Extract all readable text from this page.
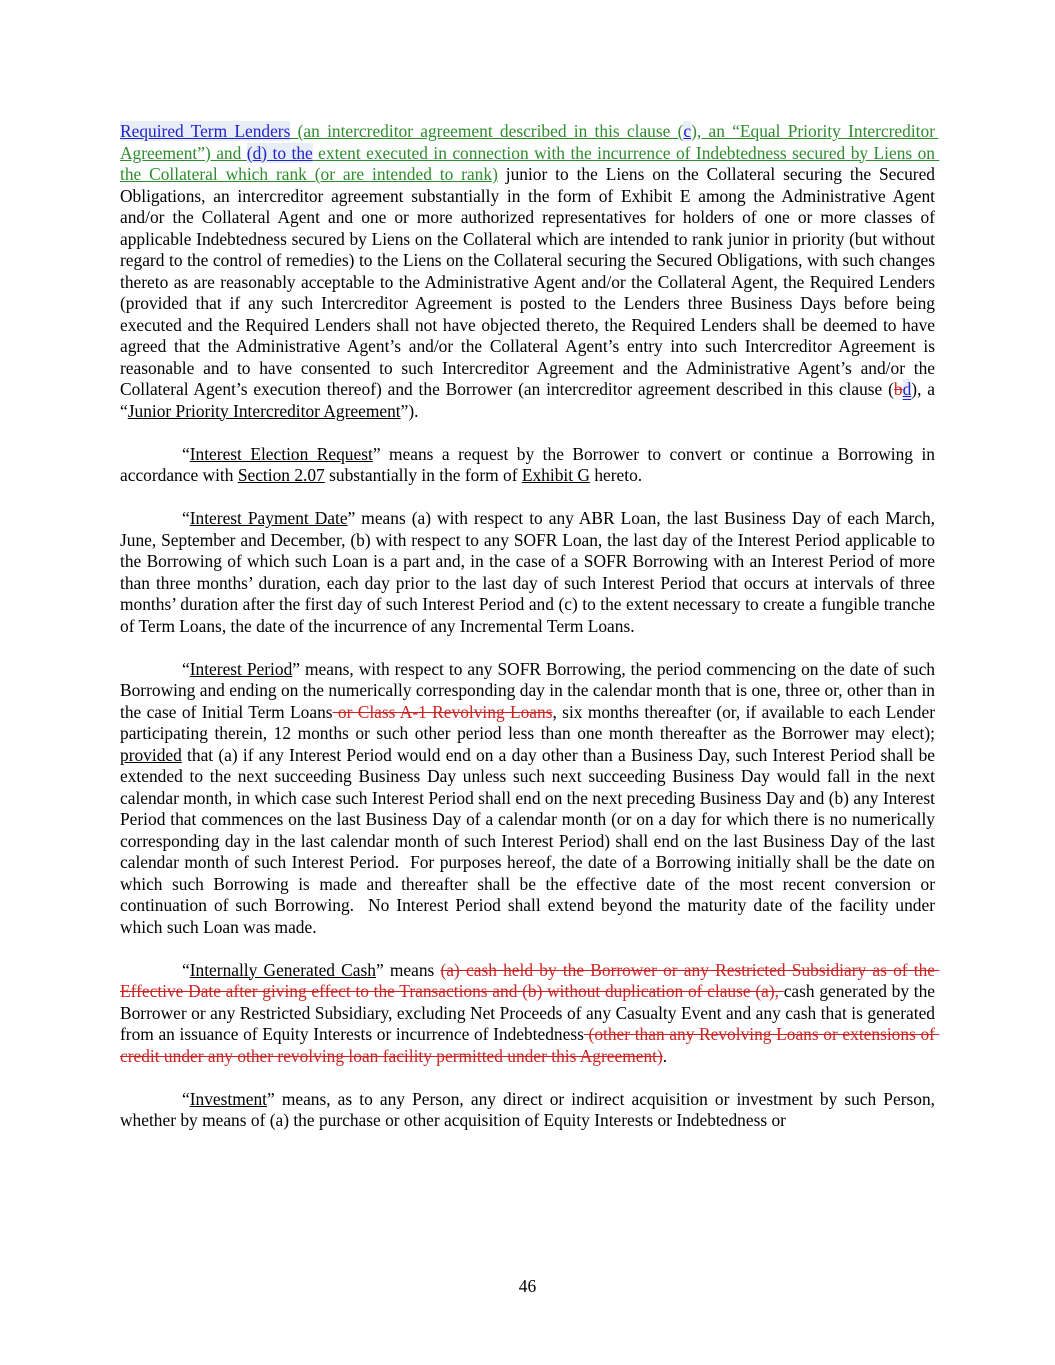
Required Term Lenders (an intercreditor agreement described in this clause (c), an “Equal Priority Intercreditor Agreement”) and (d) to the extent executed in connection with the incurrence of Indebtedness secured by Liens on the Collateral which rank (or are intended to rank) junior to the Liens on the Collateral securing the Secured Obligations, an intercreditor agreement substantially in the form of Exhibit E among the Administrative Agent and/or the Collateral Agent and one or more authorized representatives for holders of one or more classes of applicable Indebtedness secured by Liens on the Collateral which are intended to rank junior in priority (but without regard to the control of remedies) to the Liens on the Collateral securing the Secured Obligations, with such changes thereto as are reasonably acceptable to the Administrative Agent and/or the Collateral Agent, the Required Lenders (provided that if any such Intercreditor Agreement is posted to the Lenders three Business Days before being executed and the Required Lenders shall not have objected thereto, the Required Lenders shall be deemed to have agreed that the Administrative Agent’s and/or the Collateral Agent’s entry into such Intercreditor Agreement is reasonable and to have consented to such Intercreditor Agreement and the Administrative Agent’s and/or the Collateral Agent’s execution thereof) and the Borrower (an intercreditor agreement described in this clause (bd), a “Junior Priority Intercreditor Agreement”).

“Interest Election Request” means a request by the Borrower to convert or continue a Borrowing in accordance with Section 2.07 substantially in the form of Exhibit G hereto.

“Interest Payment Date” means (a) with respect to any ABR Loan, the last Business Day of each March, June, September and December, (b) with respect to any SOFR Loan, the last day of the Interest Period applicable to the Borrowing of which such Loan is a part and, in the case of a SOFR Borrowing with an Interest Period of more than three months’ duration, each day prior to the last day of such Interest Period that occurs at intervals of three months’ duration after the first day of such Interest Period and (c) to the extent necessary to create a fungible tranche of Term Loans, the date of the incurrence of any Incremental Term Loans.

“Interest Period” means, with respect to any SOFR Borrowing, the period commencing on the date of such Borrowing and ending on the numerically corresponding day in the calendar month that is one, three or, other than in the case of Initial Term Loans or Class A-1 Revolving Loans, six months thereafter (or, if available to each Lender participating therein, 12 months or such other period less than one month thereafter as the Borrower may elect); provided that (a) if any Interest Period would end on a day other than a Business Day, such Interest Period shall be extended to the next succeeding Business Day unless such next succeeding Business Day would fall in the next calendar month, in which case such Interest Period shall end on the next preceding Business Day and (b) any Interest Period that commences on the last Business Day of a calendar month (or on a day for which there is no numerically corresponding day in the last calendar month of such Interest Period) shall end on the last Business Day of the last calendar month of such Interest Period.  For purposes hereof, the date of a Borrowing initially shall be the date on which such Borrowing is made and thereafter shall be the effective date of the most recent conversion or continuation of such Borrowing.  No Interest Period shall extend beyond the maturity date of the facility under which such Loan was made.

“Internally Generated Cash” means (a) cash held by the Borrower or any Restricted Subsidiary as of the Effective Date after giving effect to the Transactions and (b) without duplication of clause (a), cash generated by the Borrower or any Restricted Subsidiary, excluding Net Proceeds of any Casualty Event and any cash that is generated from an issuance of Equity Interests or incurrence of Indebtedness (other than any Revolving Loans or extensions of credit under any other revolving loan facility permitted under this Agreement).

“Investment” means, as to any Person, any direct or indirect acquisition or investment by such Person, whether by means of (a) the purchase or other acquisition of Equity Interests or Indebtedness or

46
